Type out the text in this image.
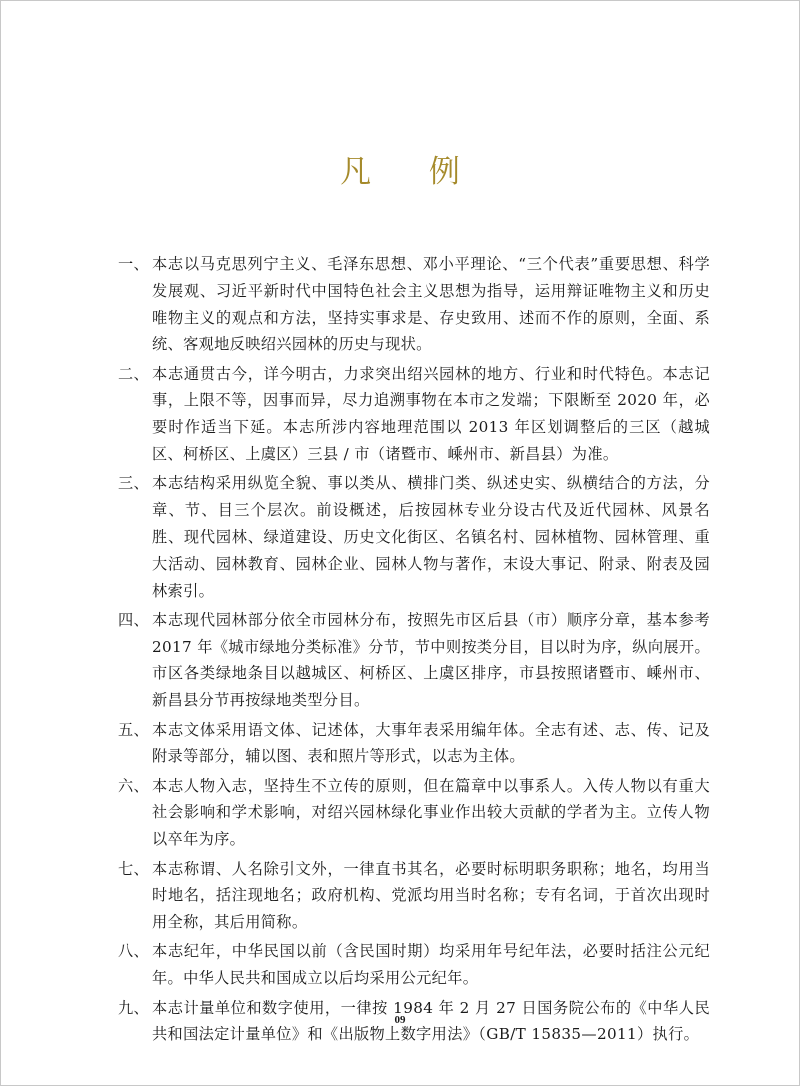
凡 例
一、 本志以马克思列宁主义、毛泽东思想、邓小平理论、“三个代表”重要思想、科学发展观、习近平新时代中国特色社会主义思想为指导，运用辩证唯物主义和历史唯物主义的观点和方法，坚持实事求是、存史致用、述而不作的原则，全面、系统、客观地反映绍兴园林的历史与现状。
二、 本志通贯古今，详今明古，力求突出绍兴园林的地方、行业和时代特色。本志记事，上限不等，因事而异，尽力追溯事物在本市之发端；下限断至 2020 年，必要时作适当下延。本志所涉内容地理范围以 2013 年区划调整后的三区（越城区、柯桥区、上虞区）三县 / 市（诸暨市、嵊州市、新昌县）为准。
三、 本志结构采用纵览全貌、事以类从、横排门类、纵述史实、纵横结合的方法，分章、节、目三个层次。前设概述，后按园林专业分设古代及近代园林、风景名胜、现代园林、绿道建设、历史文化街区、名镇名村、园林植物、园林管理、重大活动、园林教育、园林企业、园林人物与著作，末设大事记、附录、附表及园林索引。
四、 本志现代园林部分依全市园林分布，按照先市区后县（市）顺序分章，基本参考 2017 年《城市绿地分类标准》分节，节中则按类分目，目以时为序，纵向展开。市区各类绿地条目以越城区、柯桥区、上虞区排序，市县按照诸暨市、嵊州市、新昌县分节再按绿地类型分目。
五、 本志文体采用语文体、记述体，大事年表采用编年体。全志有述、志、传、记及附录等部分，辅以图、表和照片等形式，以志为主体。
六、 本志人物入志，坚持生不立传的原则，但在篇章中以事系人。入传人物以有重大社会影响和学术影响，对绍兴园林绿化事业作出较大贡献的学者为主。立传人物以卒年为序。
七、 本志称谓、人名除引文外，一律直书其名，必要时标明职务职称；地名，均用当时地名，括注现地名；政府机构、党派均用当时名称；专有名词，于首次出现时用全称，其后用简称。
八、 本志纪年，中华民国以前（含民国时期）均采用年号纪年法，必要时括注公元纪年。中华人民共和国成立以后均采用公元纪年。
九、 本志计量单位和数字使用，一律按 1984 年 2 月 27 日国务院公布的《中华人民共和国法定计量单位》和《出版物上数字用法》（GB/T 15835—2011）执行。
09
